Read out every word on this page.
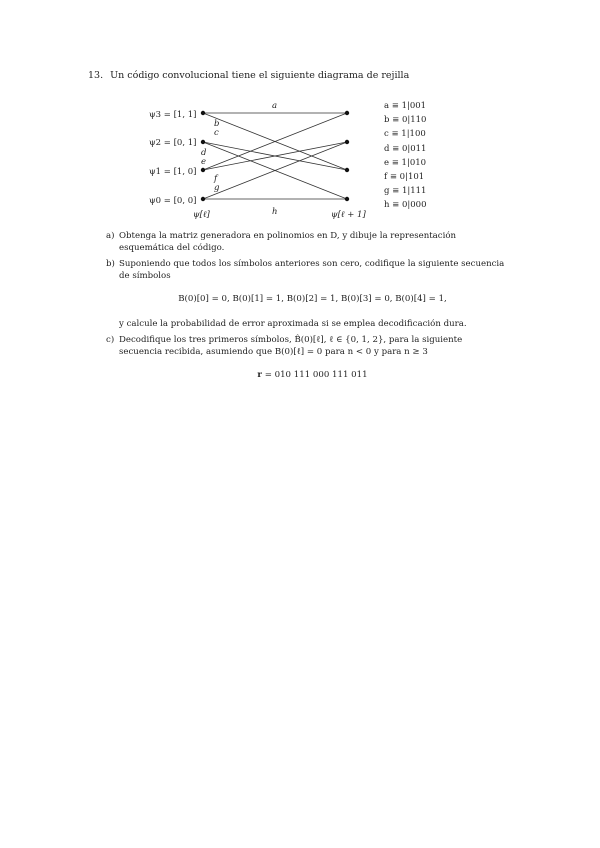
13. Un código convolucional tiene el siguiente diagrama de rejilla
ψ3 = [1, 1]
ψ2 = [0, 1]
ψ1 = [1, 0]
ψ0 = [0, 0]
a
b
c
d
e
f
g
h
ψ[ℓ]	ψ[ℓ + 1]
a ≡ 1|001
b ≡ 0|110
c ≡ 1|100
d ≡ 0|011
e ≡ 1|010
f ≡ 0|101
g ≡ 1|111
h ≡ 0|000
a) Obtenga la matriz generadora en polinomios en D, y dibuje la representación esquemática del código.
b) Suponiendo que todos los símbolos anteriores son cero, codifique la siguiente secuencia de símbolos
B(0)[0] = 0, B(0)[1] = 1, B(0)[2] = 1, B(0)[3] = 0, B(0)[4] = 1,
y calcule la probabilidad de error aproximada si se emplea decodificación dura.
c) Decodifique los tres primeros símbolos, B̂(0)[ℓ], ℓ ∈ {0, 1, 2}, para la siguiente secuencia recibida, asumiendo que B(0)[ℓ] = 0 para n < 0 y para n ≥ 3
r = 010 111 000 111 011
